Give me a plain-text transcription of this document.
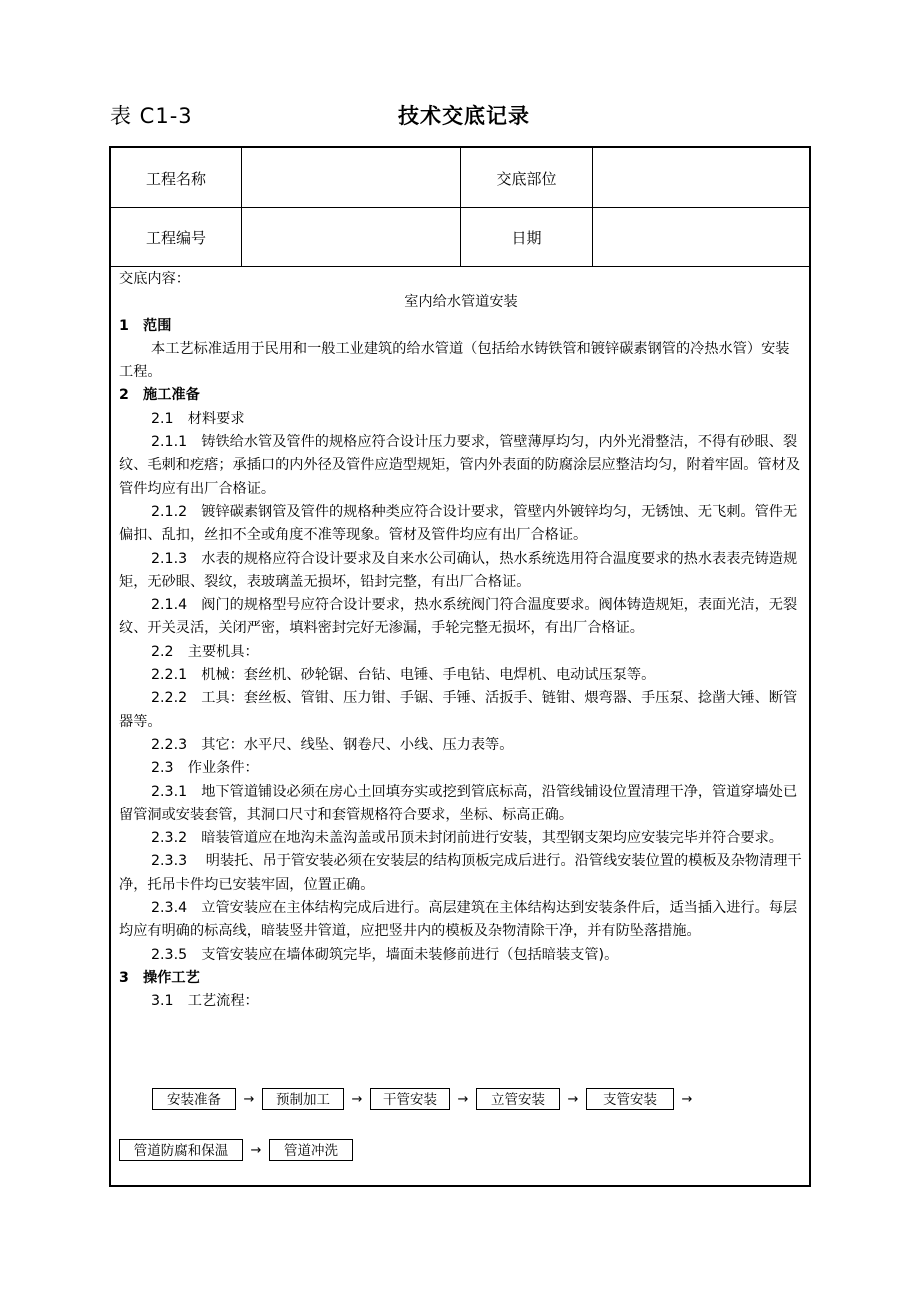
表 C1-3	技术交底记录
工程名称	交底部位
工程编号	日期

交底内容：

室内给水管道安装

1　范围

本工艺标准适用于民用和一般工业建筑的给水管道（包括给水铸铁管和镀锌碳素钢管的冷热水管）安装工程。

2　施工准备

2.1　材料要求

2.1.1　铸铁给水管及管件的规格应符合设计压力要求，管壁薄厚均匀，内外光滑整洁，不得有砂眼、裂纹、毛刺和疙瘩；承插口的内外径及管件应造型规矩，管内外表面的防腐涂层应整洁均匀，附着牢固。管材及管件均应有出厂合格证。

2.1.2　镀锌碳素钢管及管件的规格种类应符合设计要求，管壁内外镀锌均匀，无锈蚀、无飞刺。管件无偏扣、乱扣，丝扣不全或角度不准等现象。管材及管件均应有出厂合格证。

2.1.3　水表的规格应符合设计要求及自来水公司确认，热水系统选用符合温度要求的热水表表壳铸造规矩，无砂眼、裂纹，表玻璃盖无损坏，铅封完整，有出厂合格证。

2.1.4　阀门的规格型号应符合设计要求，热水系统阀门符合温度要求。阀体铸造规矩，表面光洁，无裂纹、开关灵活，关闭严密，填料密封完好无渗漏，手轮完整无损坏，有出厂合格证。

2.2　主要机具：

2.2.1　机械：套丝机、砂轮锯、台钻、电锤、手电钻、电焊机、电动试压泵等。

2.2.2　工具：套丝板、管钳、压力钳、手锯、手锤、活扳手、链钳、煨弯器、手压泵、捻凿大锤、断管器等。

2.2.3　其它：水平尺、线坠、钢卷尺、小线、压力表等。

2.3　作业条件：

2.3.1　地下管道铺设必须在房心土回填夯实或挖到管底标高，沿管线铺设位置清理干净，管道穿墙处已留管洞或安装套管，其洞口尺寸和套管规格符合要求，坐标、标高正确。

2.3.2　暗装管道应在地沟未盖沟盖或吊顶未封闭前进行安装，其型钢支架均应安装完毕并符合要求。

2.3.3　 明装托、吊于管安装必须在安装层的结构顶板完成后进行。沿管线安装位置的模板及杂物清理干净，托吊卡件均已安装牢固，位置正确。

2.3.4　立管安装应在主体结构完成后进行。高层建筑在主体结构达到安装条件后，适当插入进行。每层均应有明确的标高线，暗装竖井管道，应把竖井内的模板及杂物清除干净，并有防坠落措施。

2.3.5　支管安装应在墙体砌筑完毕，墙面未装修前进行（包括暗装支管)。

3　操作工艺

3.1　工艺流程：

安装准备	→	预制加工	→	干管安装	→	立管安装	→	支管安装	→
管道防腐和保温	→	管道冲洗
